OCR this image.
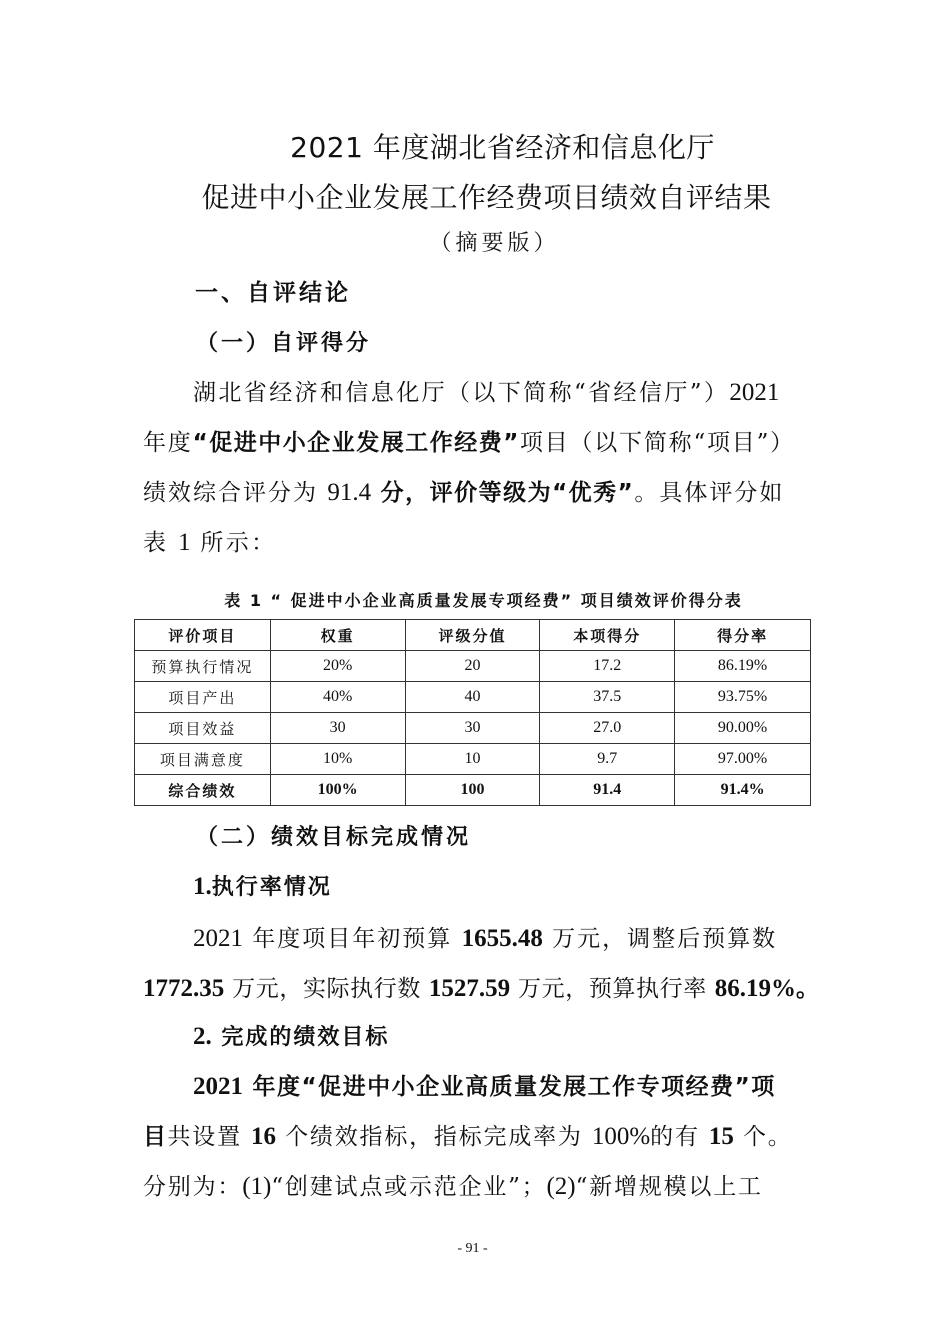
2021 年度湖北省经济和信息化厅
促进中小企业发展工作经费项目绩效自评结果
（摘要版）
一、自评结论
（一）自评得分
湖北省经济和信息化厅（以下简称“省经信厅”）2021
年度“促进中小企业发展工作经费”项目（以下简称“项目”）
绩效综合评分为 91.4 分，评价等级为“优秀”。具体评分如
表 1 所示：
表 1 “ 促进中小企业高质量发展专项经费” 项目绩效评价得分表
评价项目	权重	评级分值	本项得分	得分率
预算执行情况	20%	20	17.2	86.19%
项目产出	40%	40	37.5	93.75%
项目效益	30	30	27.0	90.00%
项目满意度	10%	10	9.7	97.00%
综合绩效	100%	100	91.4	91.4%
（二）绩效目标完成情况
1.执行率情况
2021 年度项目年初预算 1655.48 万元，调整后预算数
1772.35 万元，实际执行数 1527.59 万元，预算执行率 86.19%。
2. 完成的绩效目标
2021 年度“促进中小企业高质量发展工作专项经费”项
目共设置 16 个绩效指标，指标完成率为 100%的有 15 个。
分别为：(1)“创建试点或示范企业”；(2)“新增规模以上工
- 91 -
